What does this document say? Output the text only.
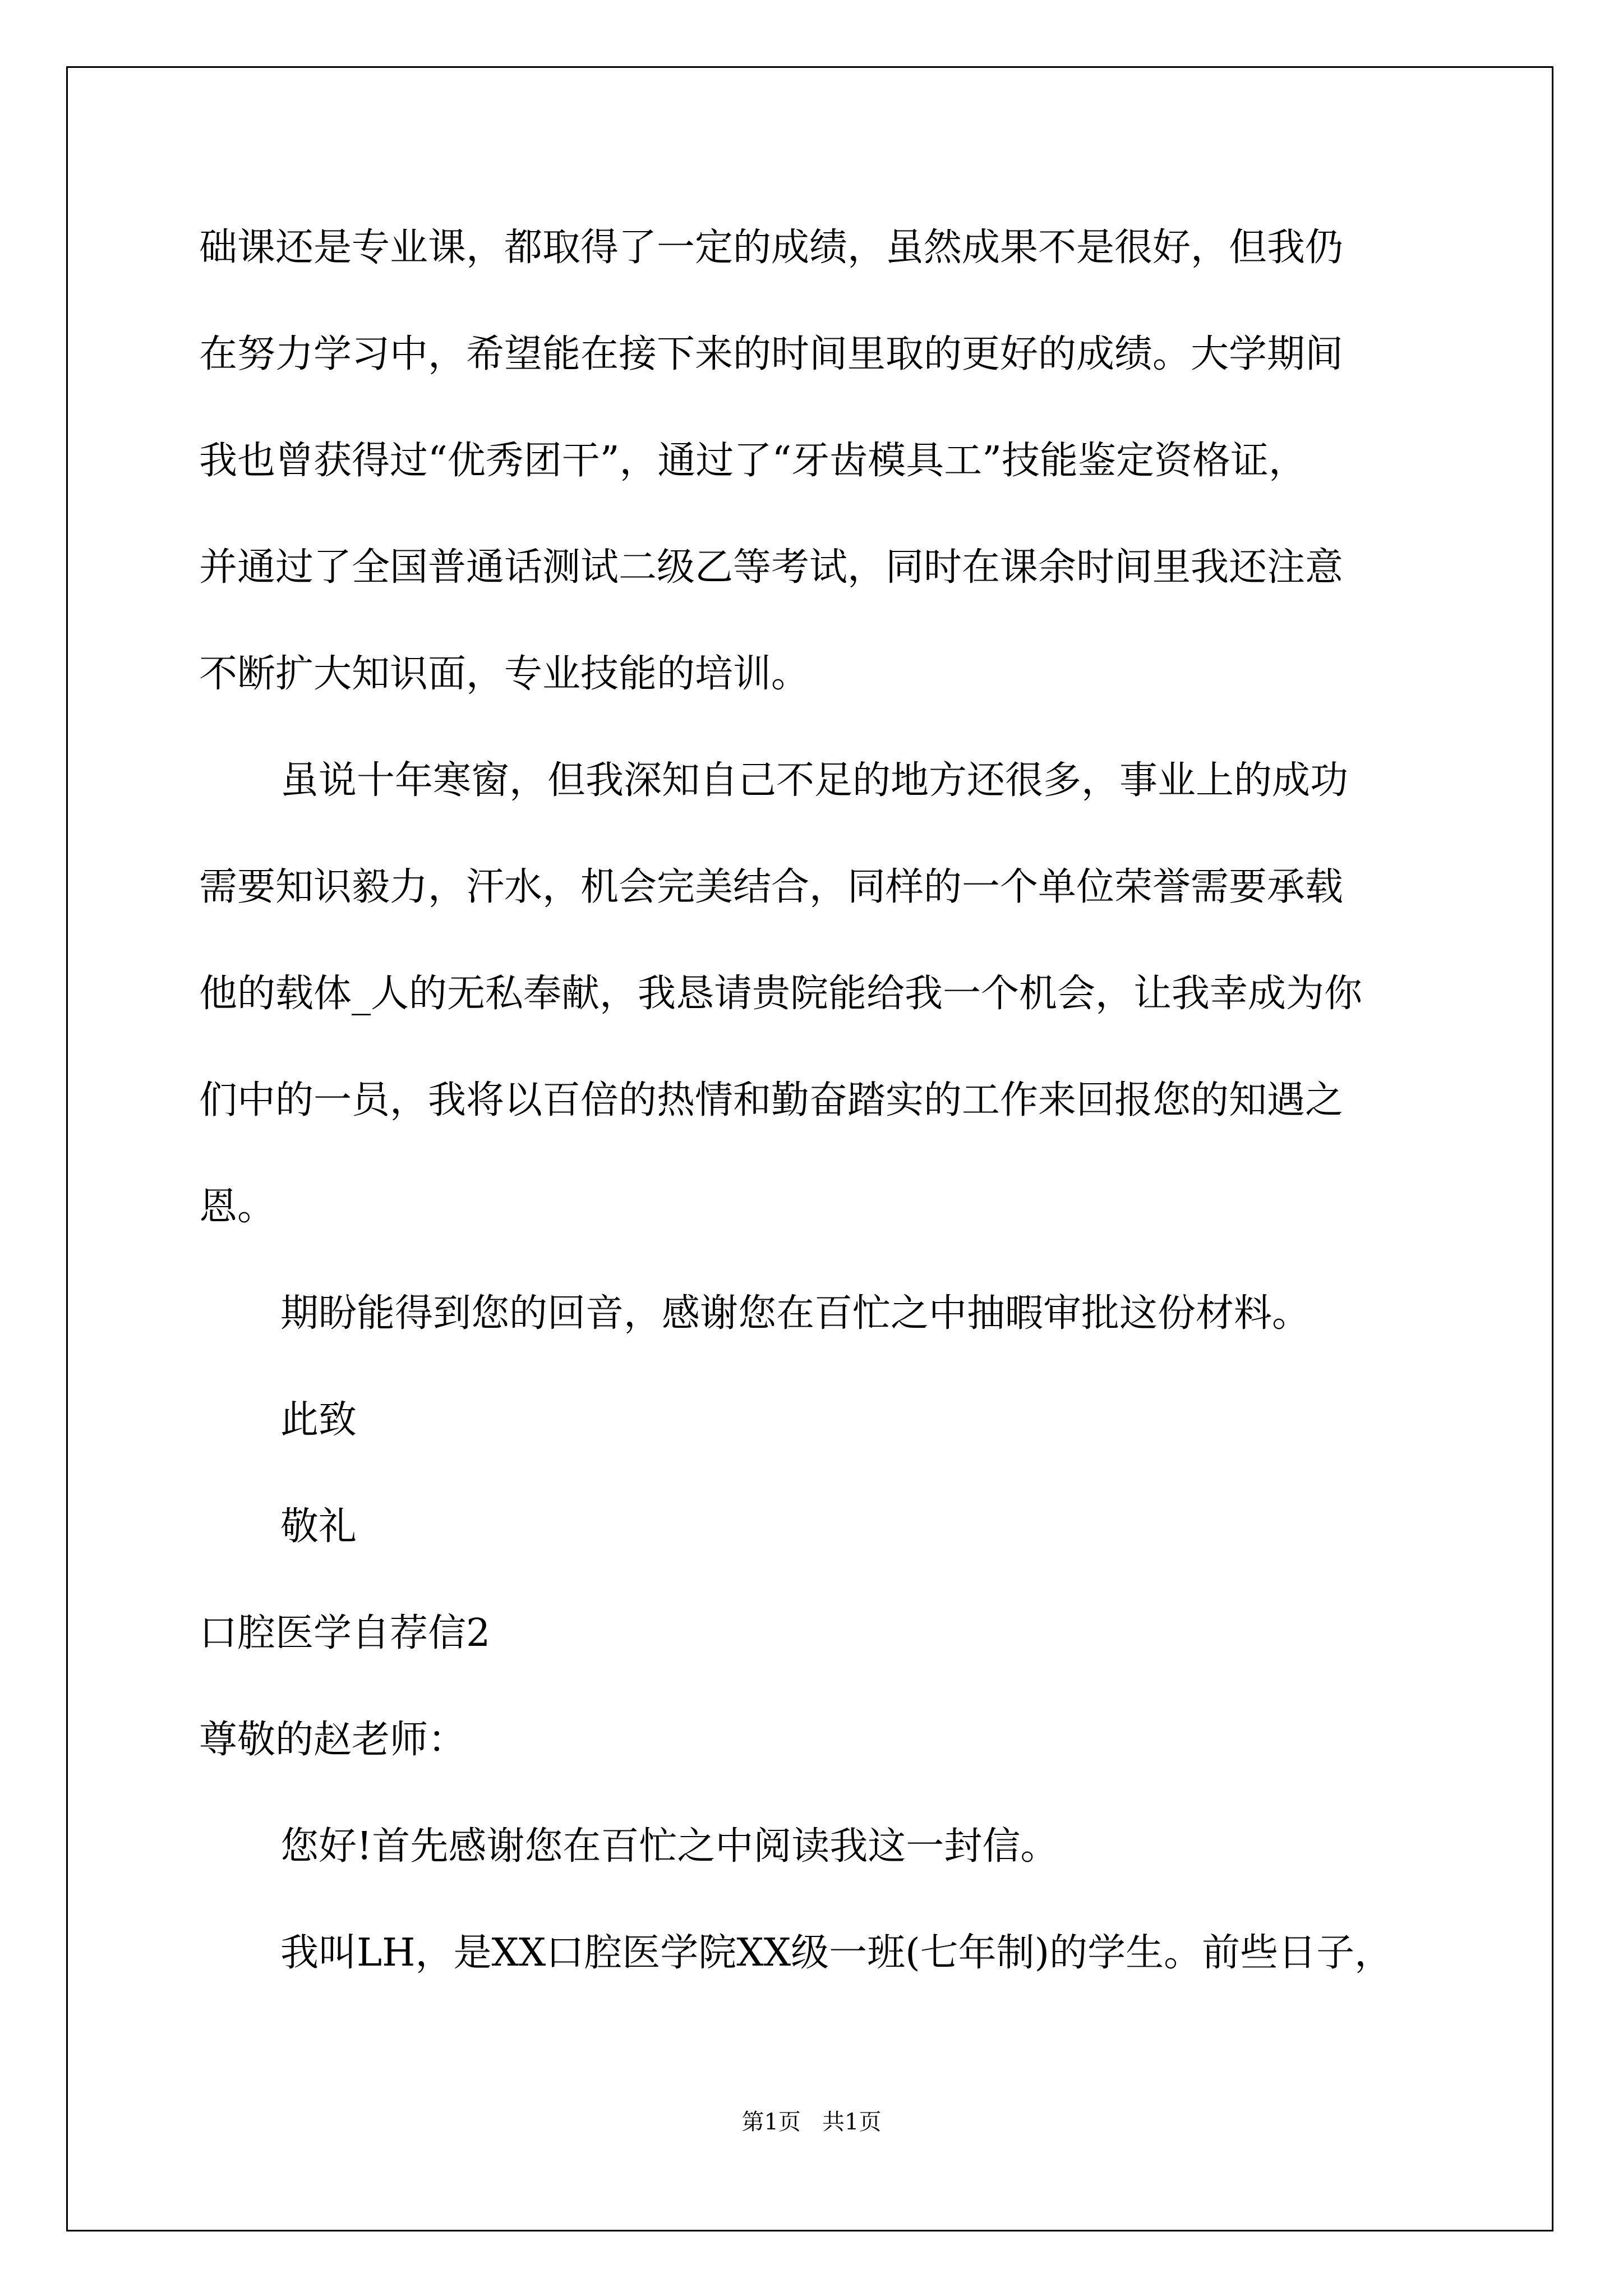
础课还是专业课，都取得了一定的成绩，虽然成果不是很好，但我仍
在努力学习中，希望能在接下来的时间里取的更好的成绩。大学期间
我也曾获得过“优秀团干”，通过了“牙齿模具工”技能鉴定资格证，
并通过了全国普通话测试二级乙等考试，同时在课余时间里我还注意
不断扩大知识面，专业技能的培训。
虽说十年寒窗，但我深知自己不足的地方还很多，事业上的成功
需要知识毅力，汗水，机会完美结合，同样的一个单位荣誉需要承载
他的载体_人的无私奉献，我恳请贵院能给我一个机会，让我幸成为你
们中的一员，我将以百倍的热情和勤奋踏实的工作来回报您的知遇之
恩。
期盼能得到您的回音，感谢您在百忙之中抽暇审批这份材料。
此致
敬礼
口腔医学自荐信2
尊敬的赵老师：
您好!首先感谢您在百忙之中阅读我这一封信。
我叫LH，是XX口腔医学院XX级一班(七年制)的学生。前些日子，
第1页   共1页
